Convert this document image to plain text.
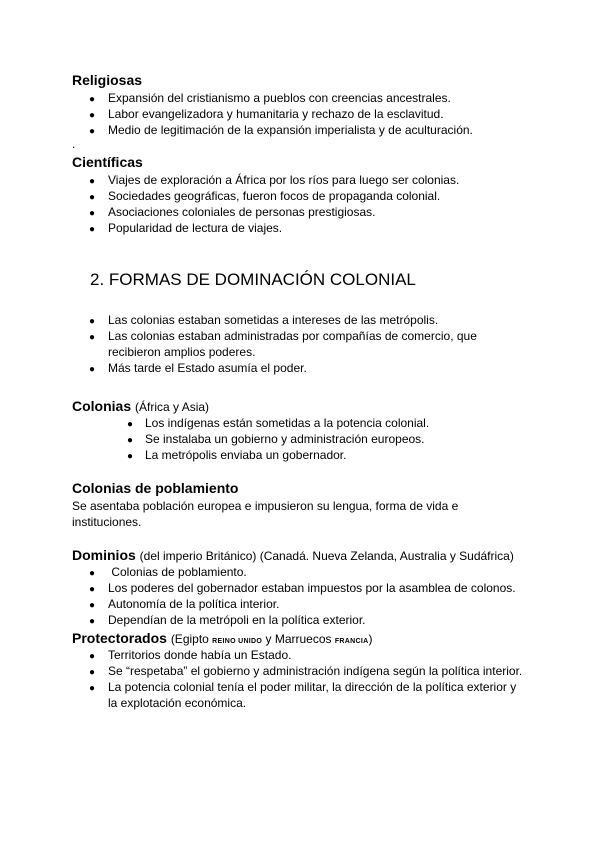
Religiosas
● Expansión del cristianismo a pueblos con creencias ancestrales.
● Labor evangelizadora y humanitaria y rechazo de la esclavitud.
● Medio de legitimación de la expansión imperialista y de aculturación.
.
Científicas
● Viajes de exploración a África por los ríos para luego ser colonias.
● Sociedades geográficas, fueron focos de propaganda colonial.
● Asociaciones coloniales de personas prestigiosas.
● Popularidad de lectura de viajes.
2. FORMAS DE DOMINACIÓN COLONIAL
● Las colonias estaban sometidas a intereses de las metrópolis.
● Las colonias estaban administradas por compañías de comercio, que
recibieron amplios poderes.
● Más tarde el Estado asumía el poder.
Colonias (África y Asia)
● Los indígenas están sometidas a la potencia colonial.
● Se instalaba un gobierno y administración europeos.
● La metrópolis enviaba un gobernador.
Colonias de poblamiento
Se asentaba población europea e impusieron su lengua, forma de vida e
instituciones.
Dominios (del imperio Británico) (Canadá. Nueva Zelanda, Australia y Sudáfrica)
● Colonias de poblamiento.
● Los poderes del gobernador estaban impuestos por la asamblea de colonos.
● Autonomía de la política interior.
● Dependían de la metrópoli en la política exterior.
Protectorados (Egipto REINO UNIDO y Marruecos FRANCIA)
● Territorios donde había un Estado.
● Se “respetaba” el gobierno y administración indígena según la política interior.
● La potencia colonial tenía el poder militar, la dirección de la política exterior y
la explotación económica.
